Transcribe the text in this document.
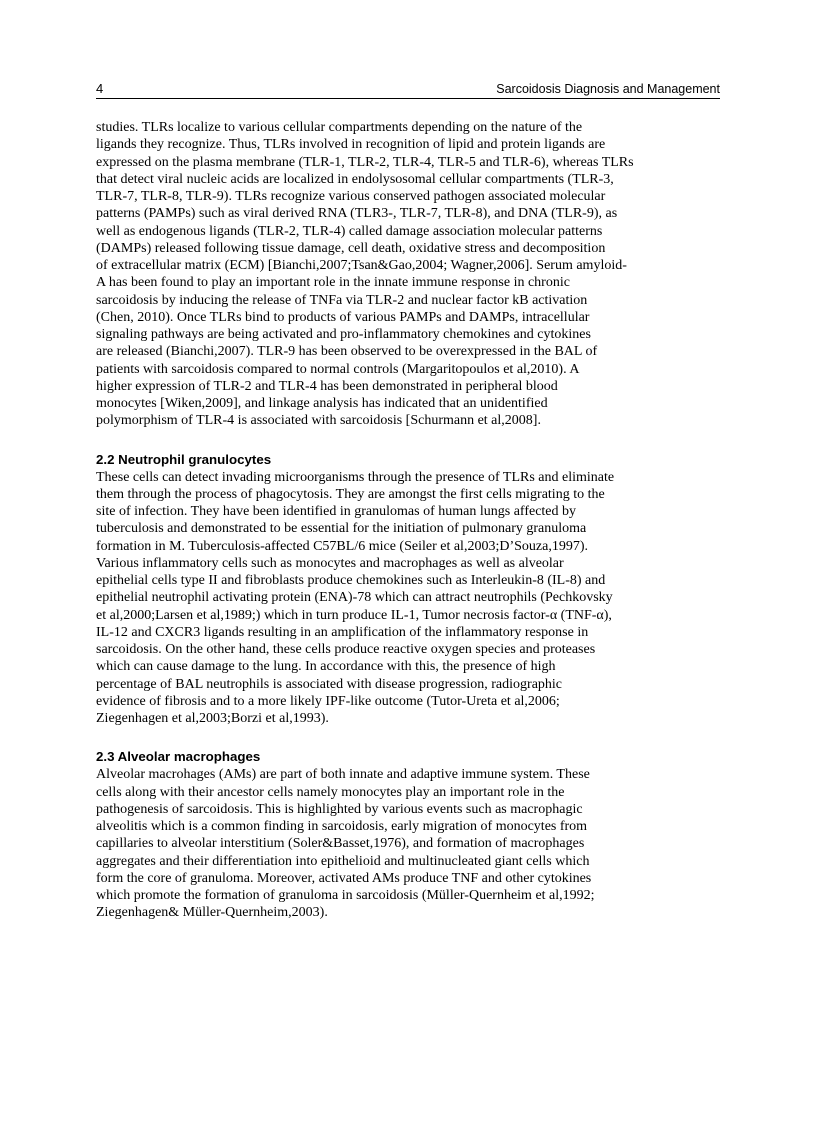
4	Sarcoidosis Diagnosis and Management

studies. TLRs localize to various cellular compartments depending on the nature of the
ligands they recognize. Thus, TLRs involved in recognition of lipid and protein ligands are
expressed on the plasma membrane (TLR-1, TLR-2, TLR-4, TLR-5 and TLR-6), whereas TLRs
that detect viral nucleic acids are localized in endolysosomal cellular compartments (TLR-3,
TLR-7, TLR-8, TLR-9). TLRs recognize various conserved pathogen associated molecular
patterns (PAMPs) such as viral derived RNA (TLR3-, TLR-7, TLR-8), and DNA (TLR-9), as
well as endogenous ligands (TLR-2, TLR-4) called damage association molecular patterns
(DAMPs) released following tissue damage, cell death, oxidative stress and decomposition
of extracellular matrix (ECM) [Bianchi,2007;Tsan&Gao,2004; Wagner,2006]. Serum amyloid-
A has been found to play an important role in the innate immune response in chronic
sarcoidosis by inducing the release of TNFa via TLR-2 and nuclear factor kB activation
(Chen, 2010). Once TLRs bind to products of various PAMPs and DAMPs, intracellular
signaling pathways are being activated and pro-inflammatory chemokines and cytokines
are released (Bianchi,2007). TLR-9 has been observed to be overexpressed in the BAL of
patients with sarcoidosis compared to normal controls (Margaritopoulos et al,2010). A
higher expression of TLR-2 and TLR-4 has been demonstrated in peripheral blood
monocytes [Wiken,2009], and linkage analysis has indicated that an unidentified
polymorphism of TLR-4 is associated with sarcoidosis [Schurmann et al,2008].

2.2 Neutrophil granulocytes

These cells can detect invading microorganisms through the presence of TLRs and eliminate
them through the process of phagocytosis. They are amongst the first cells migrating to the
site of infection. They have been identified in granulomas of human lungs affected by
tuberculosis and demonstrated to be essential for the initiation of pulmonary granuloma
formation in M. Tuberculosis-affected C57BL/6 mice (Seiler et al,2003;D’Souza,1997).
Various inflammatory cells such as monocytes and macrophages as well as alveolar
epithelial cells type II and fibroblasts produce chemokines such as Interleukin-8 (IL-8) and
epithelial neutrophil activating protein (ENA)-78 which can attract neutrophils (Pechkovsky
et al,2000;Larsen et al,1989;) which in turn produce IL-1, Tumor necrosis factor-α (TNF-α),
IL-12 and CXCR3 ligands resulting in an amplification of the inflammatory response in
sarcoidosis. On the other hand, these cells produce reactive oxygen species and proteases
which can cause damage to the lung. In accordance with this, the presence of high
percentage of BAL neutrophils is associated with disease progression, radiographic
evidence of fibrosis and to a more likely IPF-like outcome (Tutor-Ureta et al,2006;
Ziegenhagen et al,2003;Borzi et al,1993).

2.3 Alveolar macrophages

Alveolar macrohages (AMs) are part of both innate and adaptive immune system. These
cells along with their ancestor cells namely monocytes play an important role in the
pathogenesis of sarcoidosis. This is highlighted by various events such as macrophagic
alveolitis which is a common finding in sarcoidosis, early migration of monocytes from
capillaries to alveolar interstitium (Soler&Basset,1976), and formation of macrophages
aggregates and their differentiation into epithelioid and multinucleated giant cells which
form the core of granuloma. Moreover, activated AMs produce TNF and other cytokines
which promote the formation of granuloma in sarcoidosis (Müller-Quernheim et al,1992;
Ziegenhagen& Müller-Quernheim,2003).
